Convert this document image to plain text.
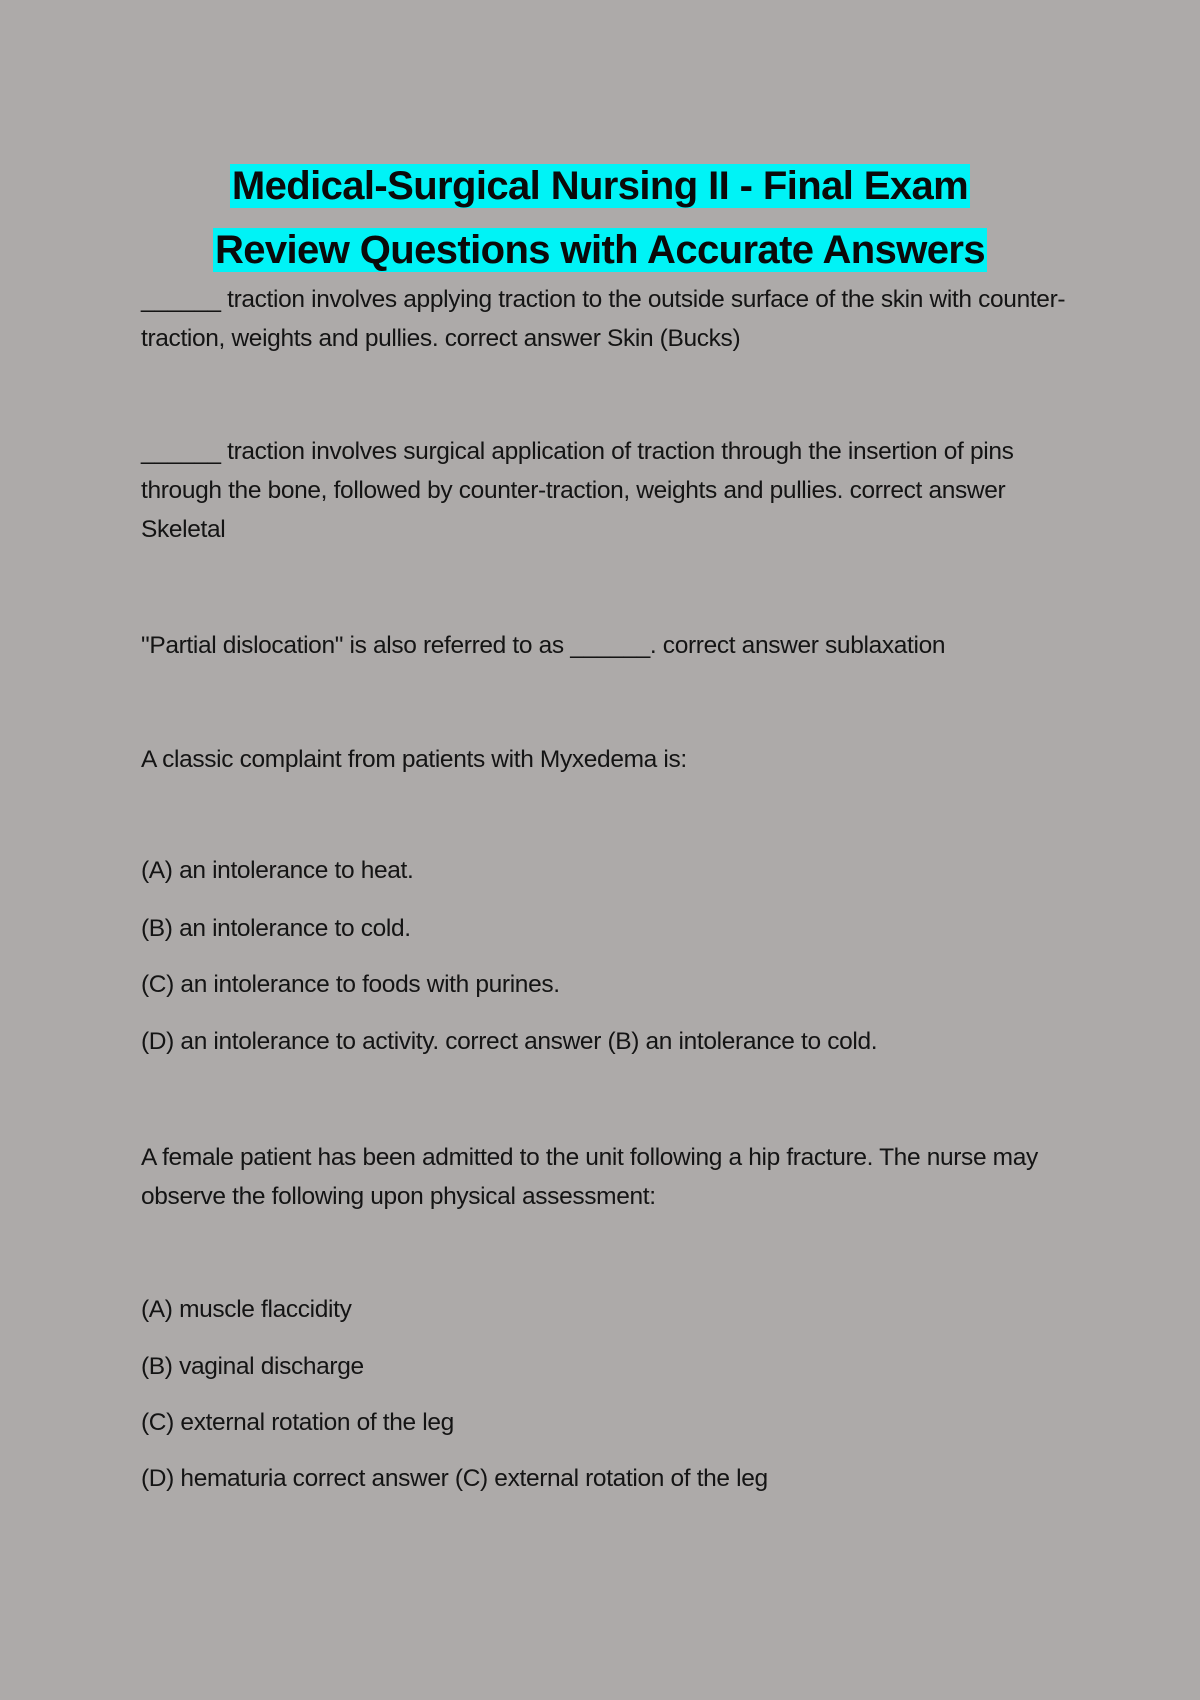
Medical-Surgical Nursing II - Final Exam
Review Questions with Accurate Answers

______ traction involves applying traction to the outside surface of the skin with counter-traction, weights and pullies. correct answer Skin (Bucks)

______ traction involves surgical application of traction through the insertion of pins through the bone, followed by counter-traction, weights and pullies. correct answer Skeletal

"Partial dislocation" is also referred to as ______. correct answer sublaxation

A classic complaint from patients with Myxedema is:

(A) an intolerance to heat.

(B) an intolerance to cold.

(C) an intolerance to foods with purines.

(D) an intolerance to activity. correct answer (B) an intolerance to cold.

A female patient has been admitted to the unit following a hip fracture. The nurse may observe the following upon physical assessment:

(A) muscle flaccidity

(B) vaginal discharge

(C) external rotation of the leg

(D) hematuria correct answer (C) external rotation of the leg
